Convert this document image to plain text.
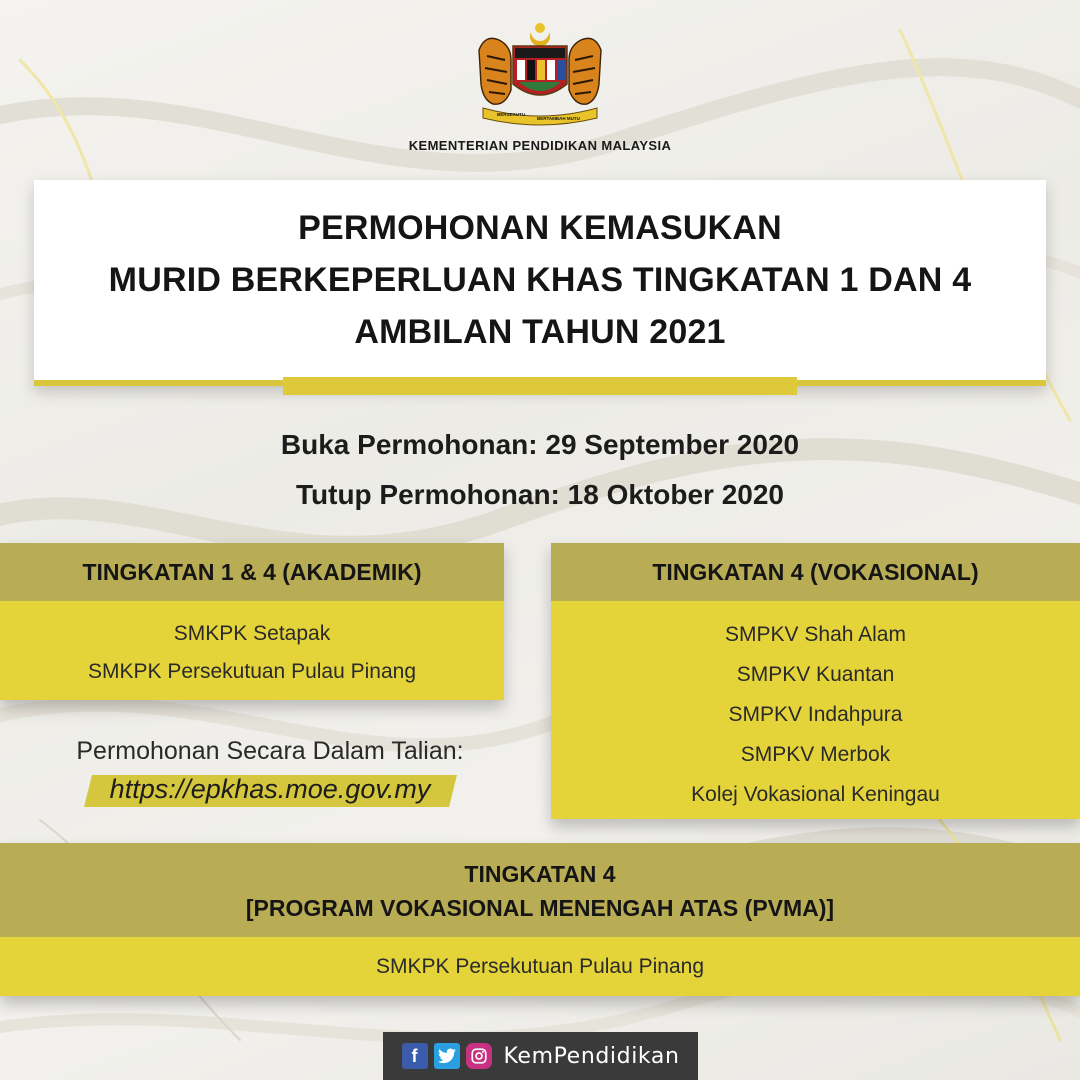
BERSEKUTU
BERTAMBAH MUTU
KEMENTERIAN PENDIDIKAN MALAYSIA
PERMOHONAN KEMASUKAN
MURID BERKEPERLUAN KHAS TINGKATAN 1 DAN 4
AMBILAN TAHUN 2021
Buka Permohonan: 29 September 2020
Tutup Permohonan: 18 Oktober 2020
TINGKATAN 1 & 4 (AKADEMIK)
SMKPK Setapak
SMKPK Persekutuan Pulau Pinang
TINGKATAN 4 (VOKASIONAL)
SMPKV Shah Alam
SMPKV Kuantan
SMPKV Indahpura
SMPKV Merbok
Kolej Vokasional Keningau
Permohonan Secara Dalam Talian:
https://epkhas.moe.gov.my
TINGKATAN 4
[PROGRAM VOKASIONAL MENENGAH ATAS (PVMA)]
SMKPK Persekutuan Pulau Pinang
f	KemPendidikan
